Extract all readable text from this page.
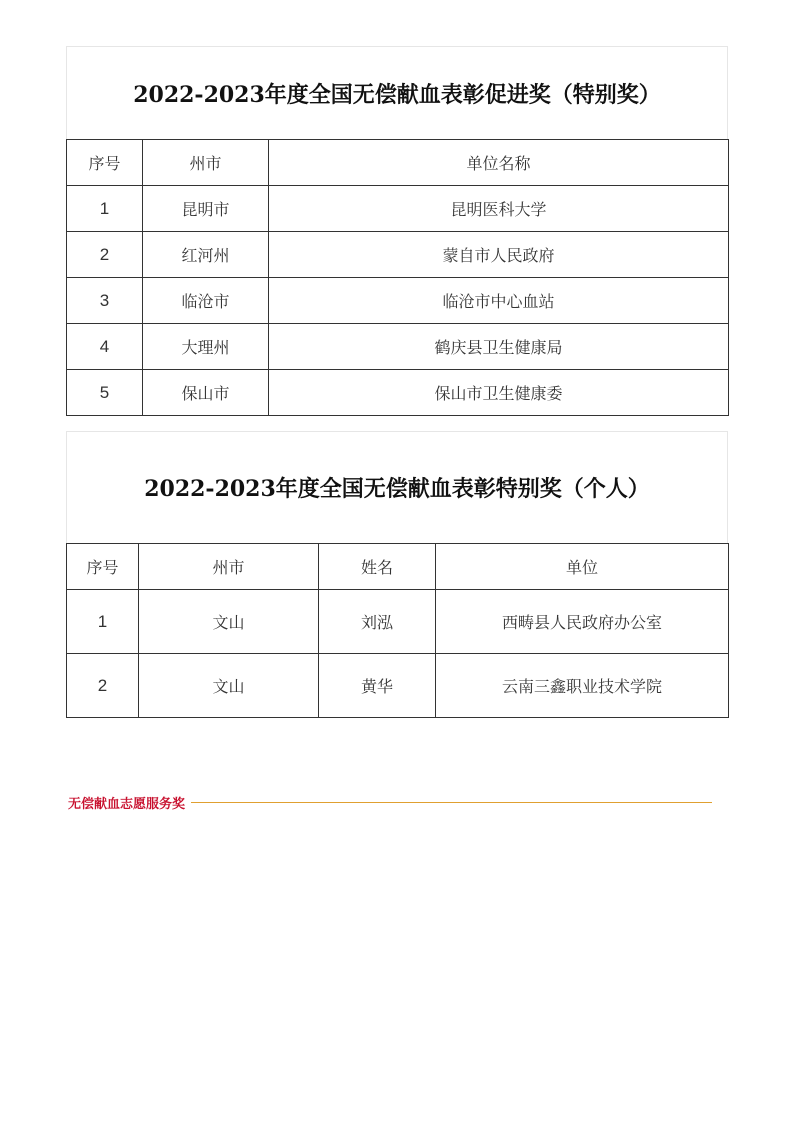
2022-2023年度全国无偿献血表彰促进奖（特别奖）
序号	州市	单位名称
1	昆明市	昆明医科大学
2	红河州	蒙自市人民政府
3	临沧市	临沧市中心血站
4	大理州	鹤庆县卫生健康局
5	保山市	保山市卫生健康委
2022-2023年度全国无偿献血表彰特别奖（个人）
序号	州市	姓名	单位
1	文山	刘泓	西畴县人民政府办公室
2	文山	黄华	云南三鑫职业技术学院
无偿献血志愿服务奖
